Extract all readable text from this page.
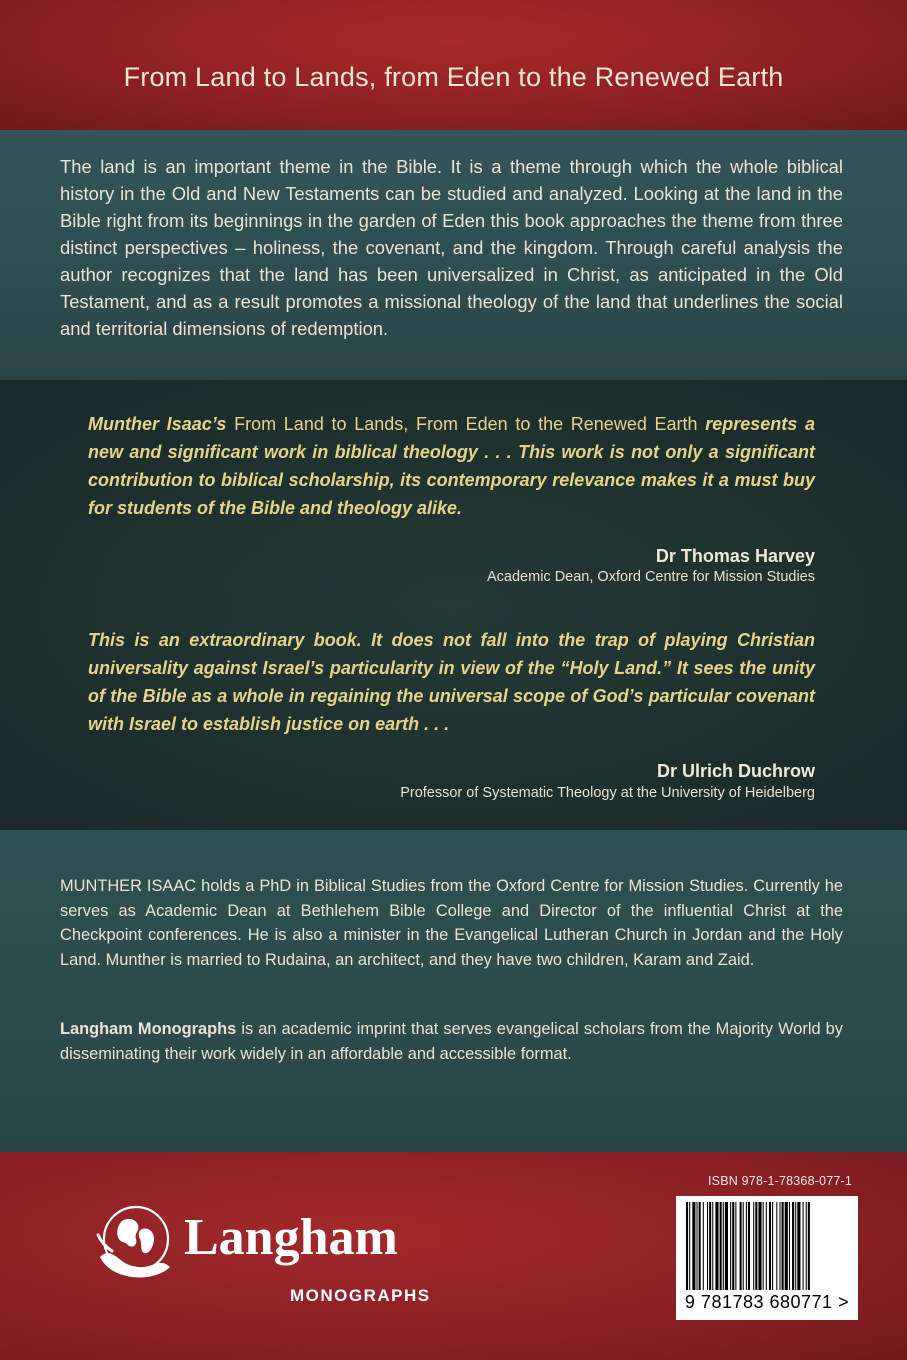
From Land to Lands, from Eden to the Renewed Earth
The land is an important theme in the Bible. It is a theme through which the whole biblical history in the Old and New Testaments can be studied and analyzed. Looking at the land in the Bible right from its beginnings in the garden of Eden this book approaches the theme from three distinct perspectives – holiness, the covenant, and the kingdom. Through careful analysis the author recognizes that the land has been universalized in Christ, as anticipated in the Old Testament, and as a result promotes a missional theology of the land that underlines the social and territorial dimensions of redemption.
Munther Isaac’s From Land to Lands, From Eden to the Renewed Earth represents a new and significant work in biblical theology . . . This work is not only a significant contribution to biblical scholarship, its contemporary relevance makes it a must buy for students of the Bible and theology alike.
Dr Thomas Harvey
Academic Dean, Oxford Centre for Mission Studies
This is an extraordinary book. It does not fall into the trap of playing Christian universality against Israel’s particularity in view of the “Holy Land.” It sees the unity of the Bible as a whole in regaining the universal scope of God’s particular covenant with Israel to establish justice on earth . . .
Dr Ulrich Duchrow
Professor of Systematic Theology at the University of Heidelberg
MUNTHER ISAAC holds a PhD in Biblical Studies from the Oxford Centre for Mission Studies. Currently he serves as Academic Dean at Bethlehem Bible College and Director of the influential Christ at the Checkpoint conferences. He is also a minister in the Evangelical Lutheran Church in Jordan and the Holy Land. Munther is married to Rudaina, an architect, and they have two children, Karam and Zaid.
Langham Monographs is an academic imprint that serves evangelical scholars from the Majority World by disseminating their work widely in an affordable and accessible format.
Langham
MONOGRAPHS
ISBN 978-1-78368-077-1
9 781783 680771 >
